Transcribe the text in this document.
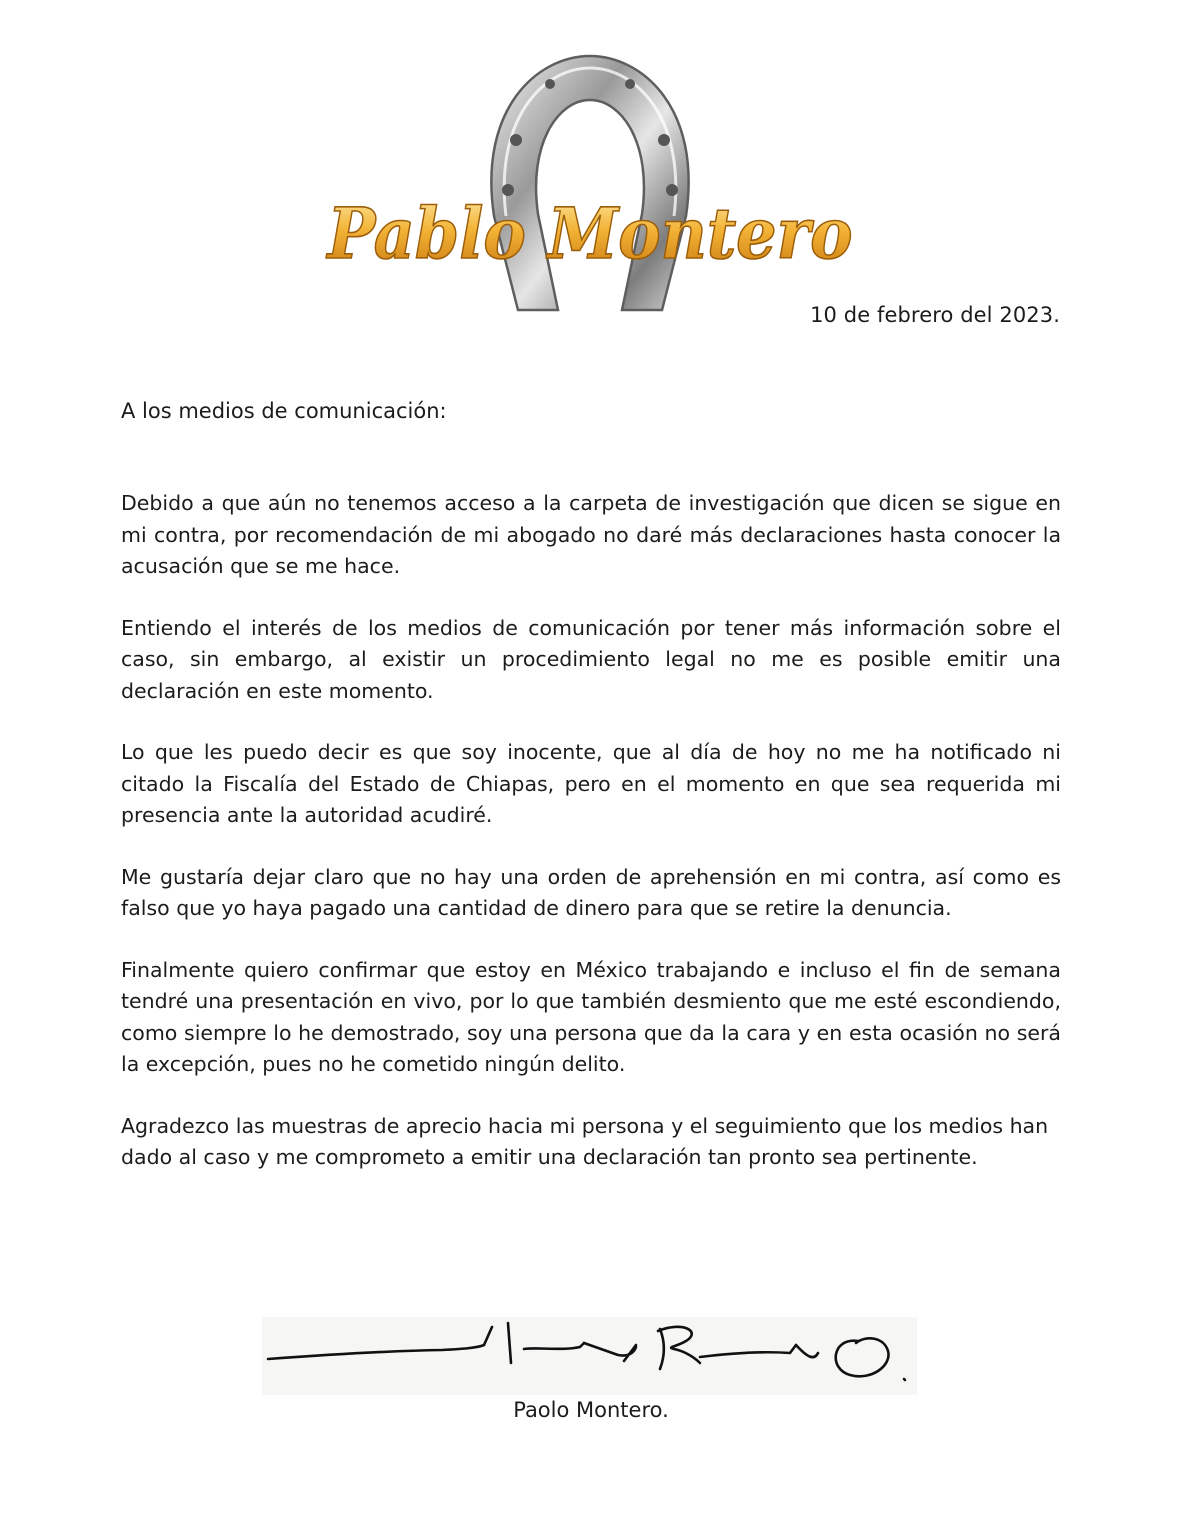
Pablo Montero
10 de febrero del 2023.
A los medios de comunicación:

Debido a que aún no tenemos acceso a la carpeta de investigación que dicen se sigue en mi contra, por recomendación de mi abogado no daré más declaraciones hasta conocer la acusación que se me hace.

Entiendo el interés de los medios de comunicación por tener más información sobre el caso, sin embargo, al existir un procedimiento legal no me es posible emitir una declaración en este momento.

Lo que les puedo decir es que soy inocente, que al día de hoy no me ha notificado ni citado la Fiscalía del Estado de Chiapas, pero en el momento en que sea requerida mi presencia ante la autoridad acudiré.

Me gustaría dejar claro que no hay una orden de aprehensión en mi contra, así como es falso que yo haya pagado una cantidad de dinero para que se retire la denuncia.

Finalmente quiero confirmar que estoy en México trabajando e incluso el fin de semana tendré una presentación en vivo, por lo que también desmiento que me esté escondiendo, como siempre lo he demostrado, soy una persona que da la cara y en esta ocasión no será la excepción, pues no he cometido ningún delito.

Agradezco las muestras de aprecio hacia mi persona y el seguimiento que los medios han dado al caso y me comprometo a emitir una declaración tan pronto sea pertinente.

Paolo Montero.
